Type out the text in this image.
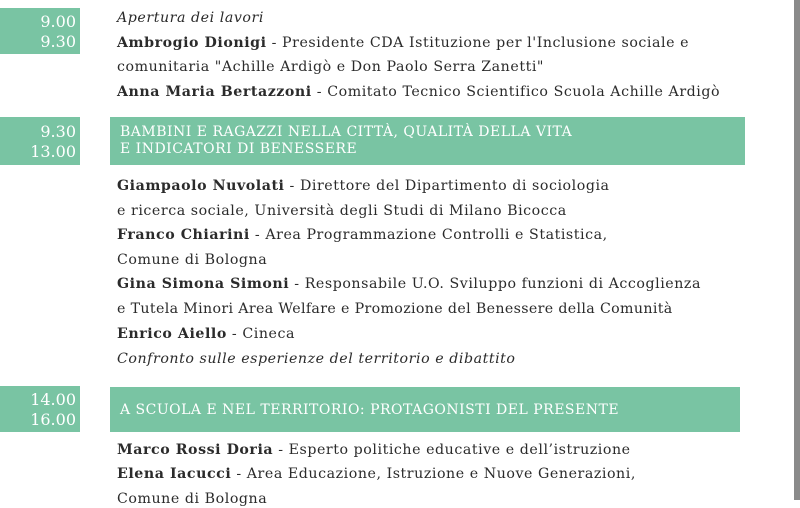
9.00
9.30
Apertura dei lavori
Ambrogio Dionigi - Presidente CDA Istituzione per l'Inclusione sociale e
comunitaria "Achille Ardigò e Don Paolo Serra Zanetti"
Anna Maria Bertazzoni - Comitato Tecnico Scientifico Scuola Achille Ardigò
9.30
13.00
BAMBINI E RAGAZZI NELLA CITTÀ, QUALITÀ DELLA VITA
E INDICATORI DI BENESSERE
Giampaolo Nuvolati - Direttore del Dipartimento di sociologia
e ricerca sociale, Università degli Studi di Milano Bicocca
Franco Chiarini - Area Programmazione Controlli e Statistica,
Comune di Bologna
Gina Simona Simoni - Responsabile U.O. Sviluppo funzioni di Accoglienza
e Tutela Minori Area Welfare e Promozione del Benessere della Comunità
Enrico Aiello - Cineca
Confronto sulle esperienze del territorio e dibattito
14.00
16.00	A SCUOLA E NEL TERRITORIO: PROTAGONISTI DEL PRESENTE
Marco Rossi Doria - Esperto politiche educative e dell’istruzione
Elena Iacucci - Area Educazione, Istruzione e Nuove Generazioni,
Comune di Bologna
